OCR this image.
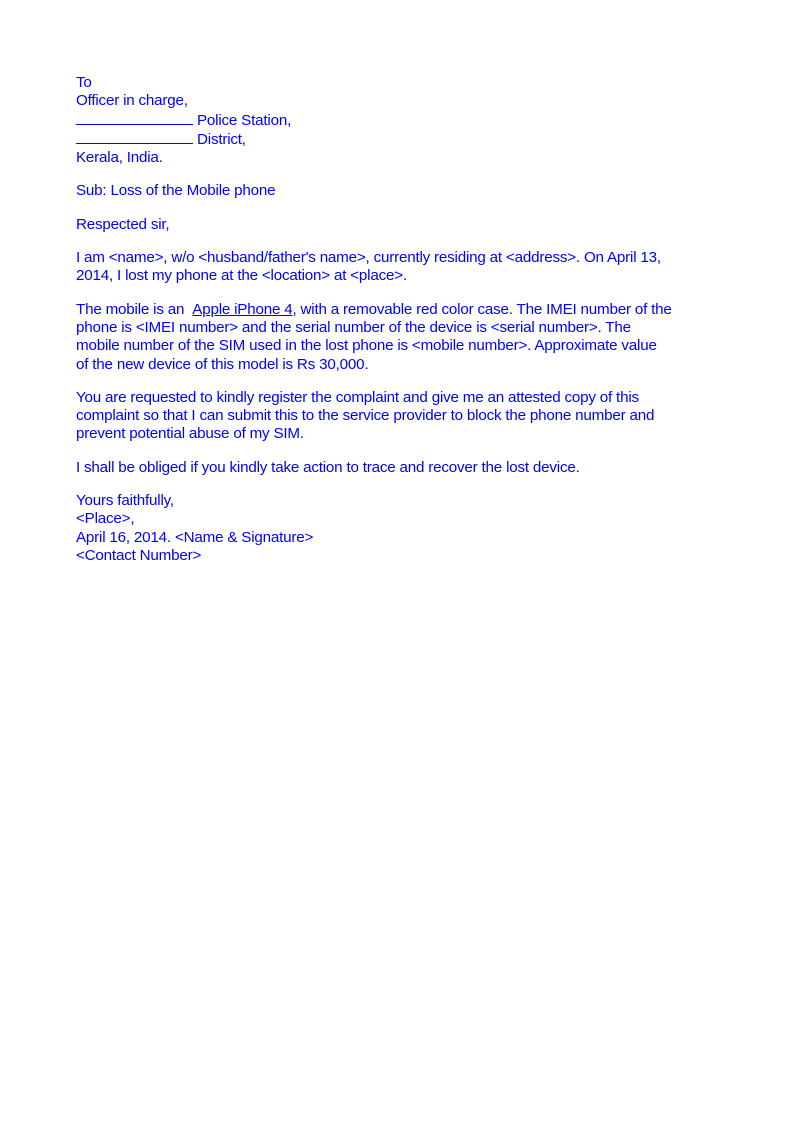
To
Officer in charge,
Police Station,
District,
Kerala, India.
Sub: Loss of the Mobile phone
Respected sir,
I am <name>, w/o <husband/father's name>, currently residing at <address>. On April 13,
2014, I lost my phone at the <location> at <place>.
The mobile is an Apple iPhone 4, with a removable red color case. The IMEI number of the
phone is <IMEI number> and the serial number of the device is <serial number>. The
mobile number of the SIM used in the lost phone is <mobile number>. Approximate value
of the new device of this model is Rs 30,000.
You are requested to kindly register the complaint and give me an attested copy of this
complaint so that I can submit this to the service provider to block the phone number and
prevent potential abuse of my SIM.
I shall be obliged if you kindly take action to trace and recover the lost device.
Yours faithfully,
<Place>,
April 16, 2014. <Name & Signature>
<Contact Number>
